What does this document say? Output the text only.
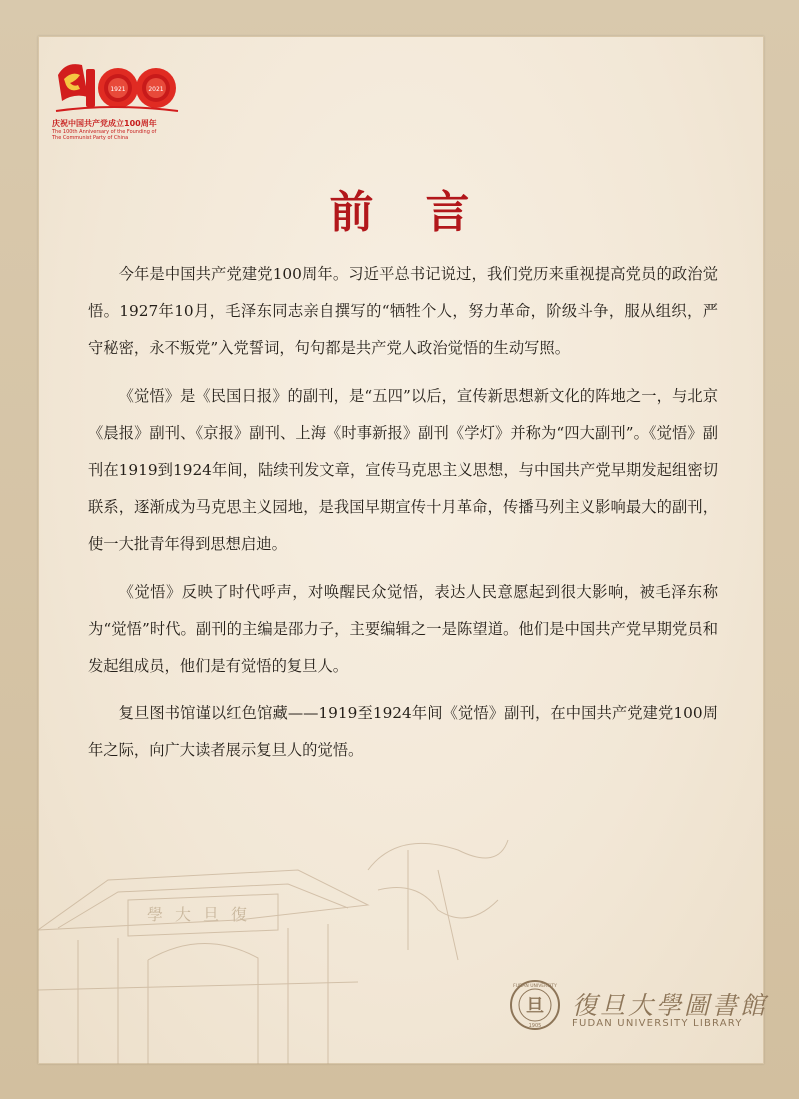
1921	2021
庆祝中国共产党成立100周年
The 100th Anniversary of the Founding of
The Communist Party of China
前言

今年是中国共产党建党100周年。习近平总书记说过，我们党历来重视提高党员的政治觉悟。1927年10月，毛泽东同志亲自撰写的“牺牲个人，努力革命，阶级斗争，服从组织，严守秘密，永不叛党”入党誓词，句句都是共产党人政治觉悟的生动写照。

《觉悟》是《民国日报》的副刊，是“五四”以后，宣传新思想新文化的阵地之一，与北京《晨报》副刊、《京报》副刊、上海《时事新报》副刊《学灯》并称为“四大副刊”。《觉悟》副刊在1919到1924年间，陆续刊发文章，宣传马克思主义思想，与中国共产党早期发起组密切联系，逐渐成为马克思主义园地，是我国早期宣传十月革命，传播马列主义影响最大的副刊，使一大批青年得到思想启迪。

《觉悟》反映了时代呼声，对唤醒民众觉悟，表达人民意愿起到很大影响，被毛泽东称为“觉悟”时代。副刊的主编是邵力子，主要编辑之一是陈望道。他们是中国共产党早期党员和发起组成员，他们是有觉悟的复旦人。

复旦图书馆谨以红色馆藏——1919至1924年间《觉悟》副刊，在中国共产党建党100周年之际，向广大读者展示复旦人的觉悟。

學大旦復
旦
FUDAN UNIVERSITY
1905
復旦大學圖書館
FUDAN UNIVERSITY LIBRARY
